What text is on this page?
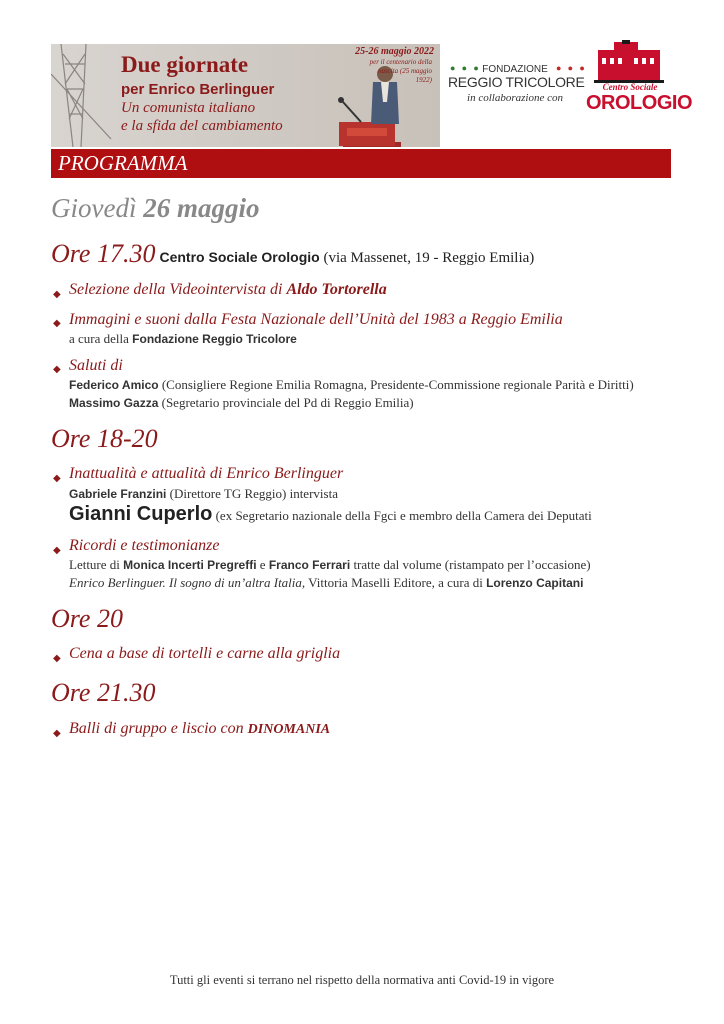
Due giornate
per Enrico Berlinguer
Un comunista italiano
e la sfida del cambiamento
25-26 maggio 2022
per il centenario della nascita (25 maggio 1922)
● ● ● FONDAZIONE ● ● ●
REGGIO TRICOLORE
in collaborazione con
Centro Sociale
OROLOGIO
PROGRAMMA
Giovedì 26 maggio
Ore 17.30 Centro Sociale Orologio (via Massenet, 19 - Reggio Emilia)
◆ Selezione della Videointervista di Aldo Tortorella
◆ Immagini e suoni dalla Festa Nazionale dell’Unità del 1983 a Reggio Emilia
a cura della Fondazione Reggio Tricolore
◆ Saluti di
Federico Amico (Consigliere Regione Emilia Romagna, Presidente-Commissione regionale Parità e Diritti)
Massimo Gazza (Segretario provinciale del Pd di Reggio Emilia)
Ore 18-20
◆ Inattualità e attualità di Enrico Berlinguer
Gabriele Franzini (Direttore TG Reggio) intervista
Gianni Cuperlo (ex Segretario nazionale della Fgci e membro della Camera dei Deputati
◆ Ricordi e testimonianze
Letture di Monica Incerti Pregreffi e Franco Ferrari tratte dal volume (ristampato per l’occasione)
Enrico Berlinguer. Il sogno di un’altra Italia, Vittoria Maselli Editore, a cura di Lorenzo Capitani
Ore 20
◆ Cena a base di tortelli e carne alla griglia
Ore 21.30
◆ Balli di gruppo e liscio con DINOMANIA
Tutti gli eventi si terrano nel rispetto della normativa anti Covid-19 in vigore
